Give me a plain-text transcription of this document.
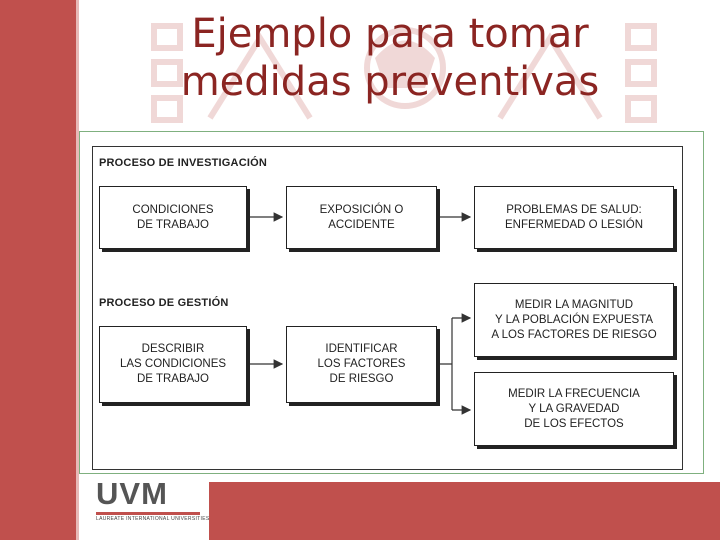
Ejemplo para tomar
medidas preventivas
PROCESO DE INVESTIGACIÓN
PROCESO DE GESTIÓN
CONDICIONES
DE TRABAJO
EXPOSICIÓN O
ACCIDENTE
PROBLEMAS DE SALUD:
ENFERMEDAD O LESIÓN
DESCRIBIR
LAS CONDICIONES
DE TRABAJO
IDENTIFICAR
LOS FACTORES
DE RIESGO
MEDIR LA MAGNITUD
Y LA POBLACIÓN EXPUESTA
A LOS FACTORES DE RIESGO
MEDIR LA FRECUENCIA
Y LA GRAVEDAD
DE LOS EFECTOS
UVM
LAUREATE INTERNATIONAL UNIVERSITIES
